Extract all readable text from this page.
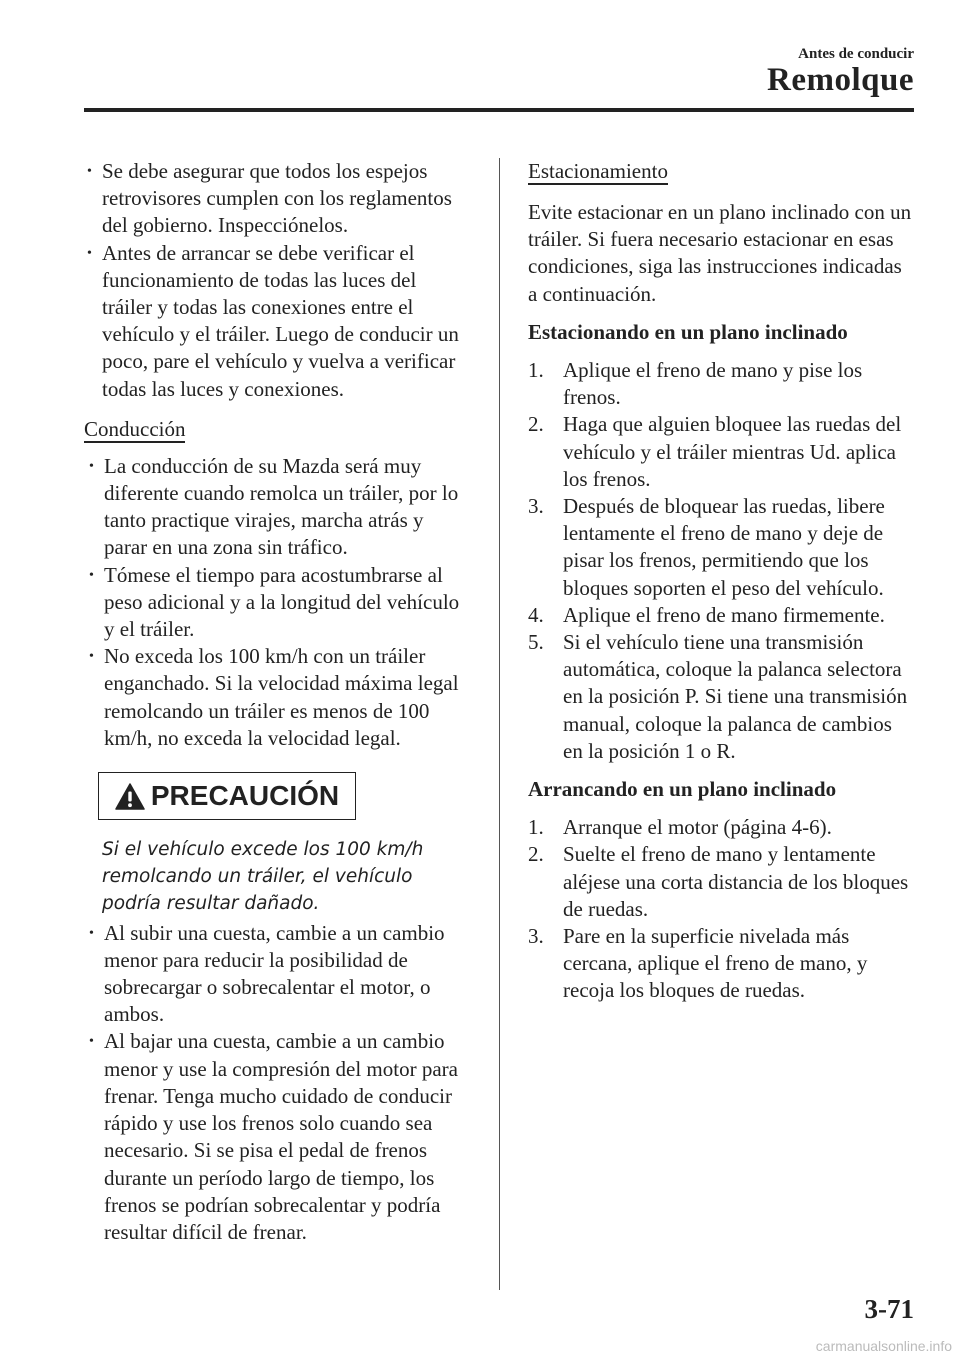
Antes de conducir
Remolque
• Se debe asegurar que todos los espejos retrovisores cumplen con los reglamentos del gobierno. Inspecciónelos.
• Antes de arrancar se debe verificar el funcionamiento de todas las luces del tráiler y todas las conexiones entre el vehículo y el tráiler. Luego de conducir un poco, pare el vehículo y vuelva a verificar todas las luces y conexiones.
Conducción
• La conducción de su Mazda será muy diferente cuando remolca un tráiler, por lo tanto practique virajes, marcha atrás y parar en una zona sin tráfico.
• Tómese el tiempo para acostumbrarse al peso adicional y a la longitud del vehículo y el tráiler.
• No exceda los 100 km/h con un tráiler enganchado. Si la velocidad máxima legal remolcando un tráiler es menos de 100 km/h, no exceda la velocidad legal.
PRECAUCIÓN
Si el vehículo excede los 100 km/h remolcando un tráiler, el vehículo podría resultar dañado.
• Al subir una cuesta, cambie a un cambio menor para reducir la posibilidad de sobrecargar o sobrecalentar el motor, o ambos.
• Al bajar una cuesta, cambie a un cambio menor y use la compresión del motor para frenar. Tenga mucho cuidado de conducir rápido y use los frenos solo cuando sea necesario. Si se pisa el pedal de frenos durante un período largo de tiempo, los frenos se podrían sobrecalentar y podría resultar difícil de frenar.
Estacionamiento

Evite estacionar en un plano inclinado con un tráiler. Si fuera necesario estacionar en esas condiciones, siga las instrucciones indicadas a continuación.

Estacionando en un plano inclinado
1. Aplique el freno de mano y pise los frenos.
2. Haga que alguien bloquee las ruedas del vehículo y el tráiler mientras Ud. aplica los frenos.
3. Después de bloquear las ruedas, libere lentamente el freno de mano y deje de pisar los frenos, permitiendo que los bloques soporten el peso del vehículo.
4. Aplique el freno de mano firmemente.
5. Si el vehículo tiene una transmisión automática, coloque la palanca selectora en la posición P. Si tiene una transmisión manual, coloque la palanca de cambios en la posición 1 o R.
Arrancando en un plano inclinado
1. Arranque el motor (página 4-6).
2. Suelte el freno de mano y lentamente aléjese una corta distancia de los bloques de ruedas.
3. Pare en la superficie nivelada más cercana, aplique el freno de mano, y recoja los bloques de ruedas.
3-71
carmanualsonline.info
